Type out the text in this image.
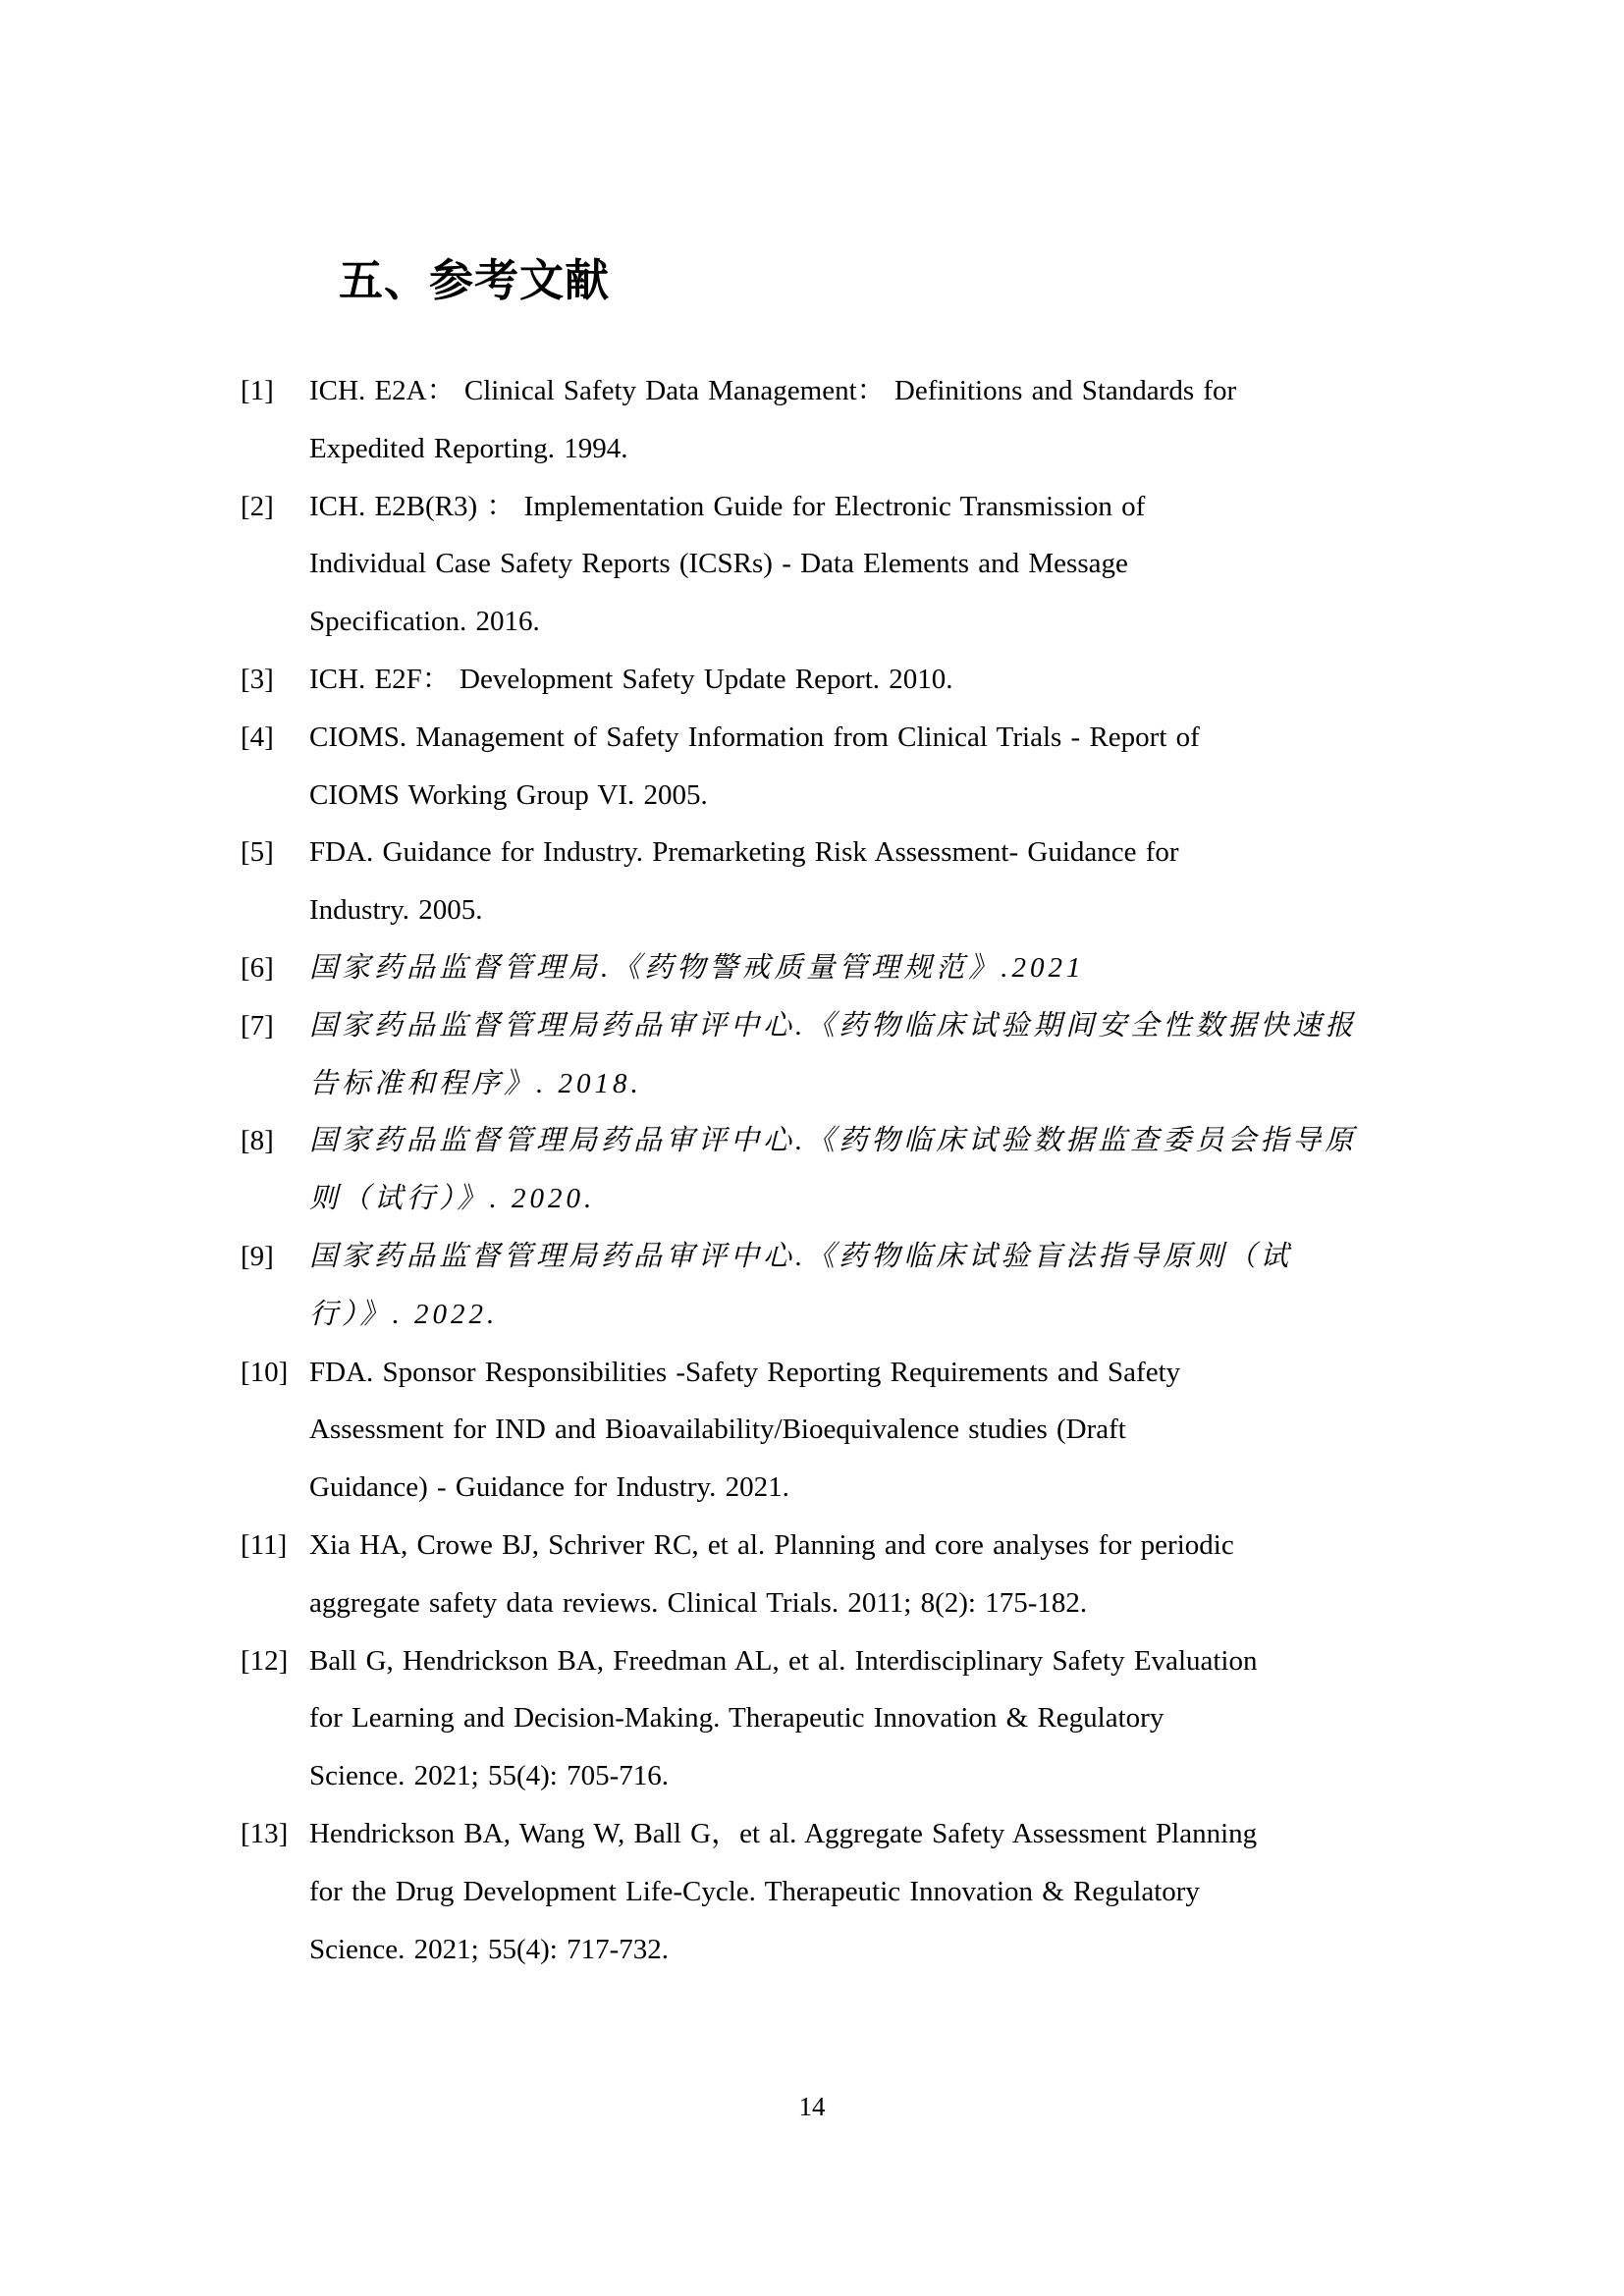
五、参考文献
[1]	ICH. E2A： Clinical Safety Data Management： Definitions and Standards for
Expedited Reporting. 1994.
[2]	ICH. E2B(R3) ： Implementation Guide for Electronic Transmission of
Individual Case Safety Reports (ICSRs) - Data Elements and Message
Specification. 2016.
[3]	ICH. E2F： Development Safety Update Report. 2010.
[4]	CIOMS. Management of Safety Information from Clinical Trials - Report of
CIOMS Working Group VI. 2005.
[5]	FDA. Guidance for Industry. Premarketing Risk Assessment- Guidance for
Industry. 2005.
[6]	国家药品监督管理局.《药物警戒质量管理规范》.2021
[7]	国家药品监督管理局药品审评中心.《药物临床试验期间安全性数据快速报
告标准和程序》. 2018.
[8]	国家药品监督管理局药品审评中心.《药物临床试验数据监查委员会指导原
则（试行）》. 2020.
[9]	国家药品监督管理局药品审评中心.《药物临床试验盲法指导原则（试
行）》. 2022.
[10] FDA. Sponsor Responsibilities -Safety Reporting Requirements and Safety
Assessment for IND and Bioavailability/Bioequivalence studies (Draft
Guidance) - Guidance for Industry. 2021.
[11] Xia HA, Crowe BJ, Schriver RC, et al. Planning and core analyses for periodic
aggregate safety data reviews. Clinical Trials. 2011; 8(2): 175-182.
[12] Ball G, Hendrickson BA, Freedman AL, et al. Interdisciplinary Safety Evaluation
for Learning and Decision-Making. Therapeutic Innovation & Regulatory
Science. 2021; 55(4): 705-716.
[13] Hendrickson BA, Wang W, Ball G，et al. Aggregate Safety Assessment Planning
for the Drug Development Life-Cycle. Therapeutic Innovation & Regulatory
Science. 2021; 55(4): 717-732.
14
